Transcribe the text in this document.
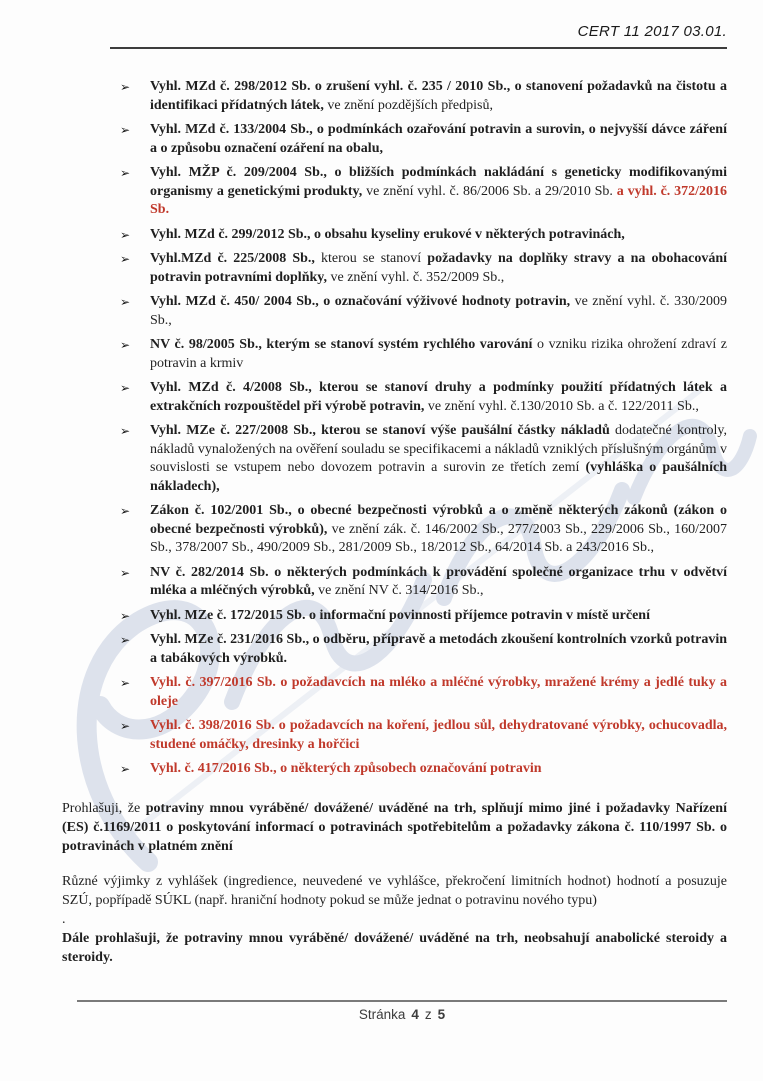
CERT 11 2017 03.01.
➢	Vyhl. MZd č. 298/2012 Sb. o zrušení vyhl. č. 235 / 2010 Sb., o stanovení požadavků na čistotu a identifikaci přídatných látek, ve znění pozdějších předpisů,
➢	Vyhl. MZd č. 133/2004 Sb., o podmínkách ozařování potravin a surovin, o nejvyšší dávce záření a o způsobu označení ozáření na obalu,
➢	Vyhl. MŽP č. 209/2004 Sb., o bližších podmínkách nakládání s geneticky modifikovanými organismy a genetickými produkty, ve znění vyhl. č. 86/2006 Sb. a 29/2010 Sb. a vyhl. č. 372/2016 Sb.
➢	Vyhl. MZd č. 299/2012 Sb., o obsahu kyseliny erukové v některých potravinách,
➢	Vyhl.MZd č. 225/2008 Sb., kterou se stanoví požadavky na doplňky stravy a na obohacování potravin potravními doplňky, ve znění vyhl. č. 352/2009 Sb.,
➢	Vyhl. MZd č. 450/ 2004 Sb., o označování výživové hodnoty potravin, ve znění vyhl. č. 330/2009 Sb.,
➢	NV č. 98/2005 Sb., kterým se stanoví systém rychlého varování o vzniku rizika ohrožení zdraví z potravin a krmiv
➢	Vyhl. MZd č. 4/2008 Sb., kterou se stanoví druhy a podmínky použití přídatných látek a extrakčních rozpouštědel při výrobě potravin, ve znění vyhl. č.130/2010 Sb. a č. 122/2011 Sb.,
➢	Vyhl. MZe č. 227/2008 Sb., kterou se stanoví výše paušální částky nákladů dodatečné kontroly, nákladů vynaložených na ověření souladu se specifikacemi a nákladů vzniklých příslušným orgánům v souvislosti se vstupem nebo dovozem potravin a surovin ze třetích zemí (vyhláška o paušálních nákladech),
➢	Zákon č. 102/2001 Sb., o obecné bezpečnosti výrobků a o změně některých zákonů (zákon o obecné bezpečnosti výrobků), ve znění zák. č. 146/2002 Sb., 277/2003 Sb., 229/2006 Sb., 160/2007 Sb., 378/2007 Sb., 490/2009 Sb., 281/2009 Sb., 18/2012 Sb., 64/2014 Sb. a 243/2016 Sb.,
➢	NV č. 282/2014 Sb. o některých podmínkách k provádění společné organizace trhu v odvětví mléka a mléčných výrobků, ve znění NV č. 314/2016 Sb.,
➢	Vyhl. MZe č. 172/2015 Sb. o informační povinnosti příjemce potravin v místě určení
➢	Vyhl. MZe č. 231/2016 Sb., o odběru, přípravě a metodách zkoušení kontrolních vzorků potravin a tabákových výrobků.
➢	Vyhl. č. 397/2016 Sb. o požadavcích na mléko a mléčné výrobky, mražené krémy a jedlé tuky a oleje
➢	Vyhl. č. 398/2016 Sb. o požadavcích na koření, jedlou sůl, dehydratované výrobky, ochucovadla, studené omáčky, dresinky a hořčici
➢	Vyhl. č. 417/2016 Sb., o některých způsobech označování potravin

Prohlašuji, že potraviny mnou vyráběné/ dovážené/ uváděné na trh, splňují mimo jiné i požadavky Nařízení (ES) č.1169/2011 o poskytování informací o potravinách spotřebitelům a požadavky zákona č. 110/1997 Sb. o potravinách v platném znění

Různé výjimky z vyhlášek (ingredience, neuvedené ve vyhlášce, překročení limitních hodnot) hodnotí a posuzuje SZÚ, popřípadě SÚKL (např. hraniční hodnoty pokud se může jednat o potravinu nového typu)

.

Dále prohlašuji, že potraviny mnou vyráběné/ dovážené/ uváděné na trh, neobsahují anabolické steroidy a steroidy.

Stránka 4 z 5
